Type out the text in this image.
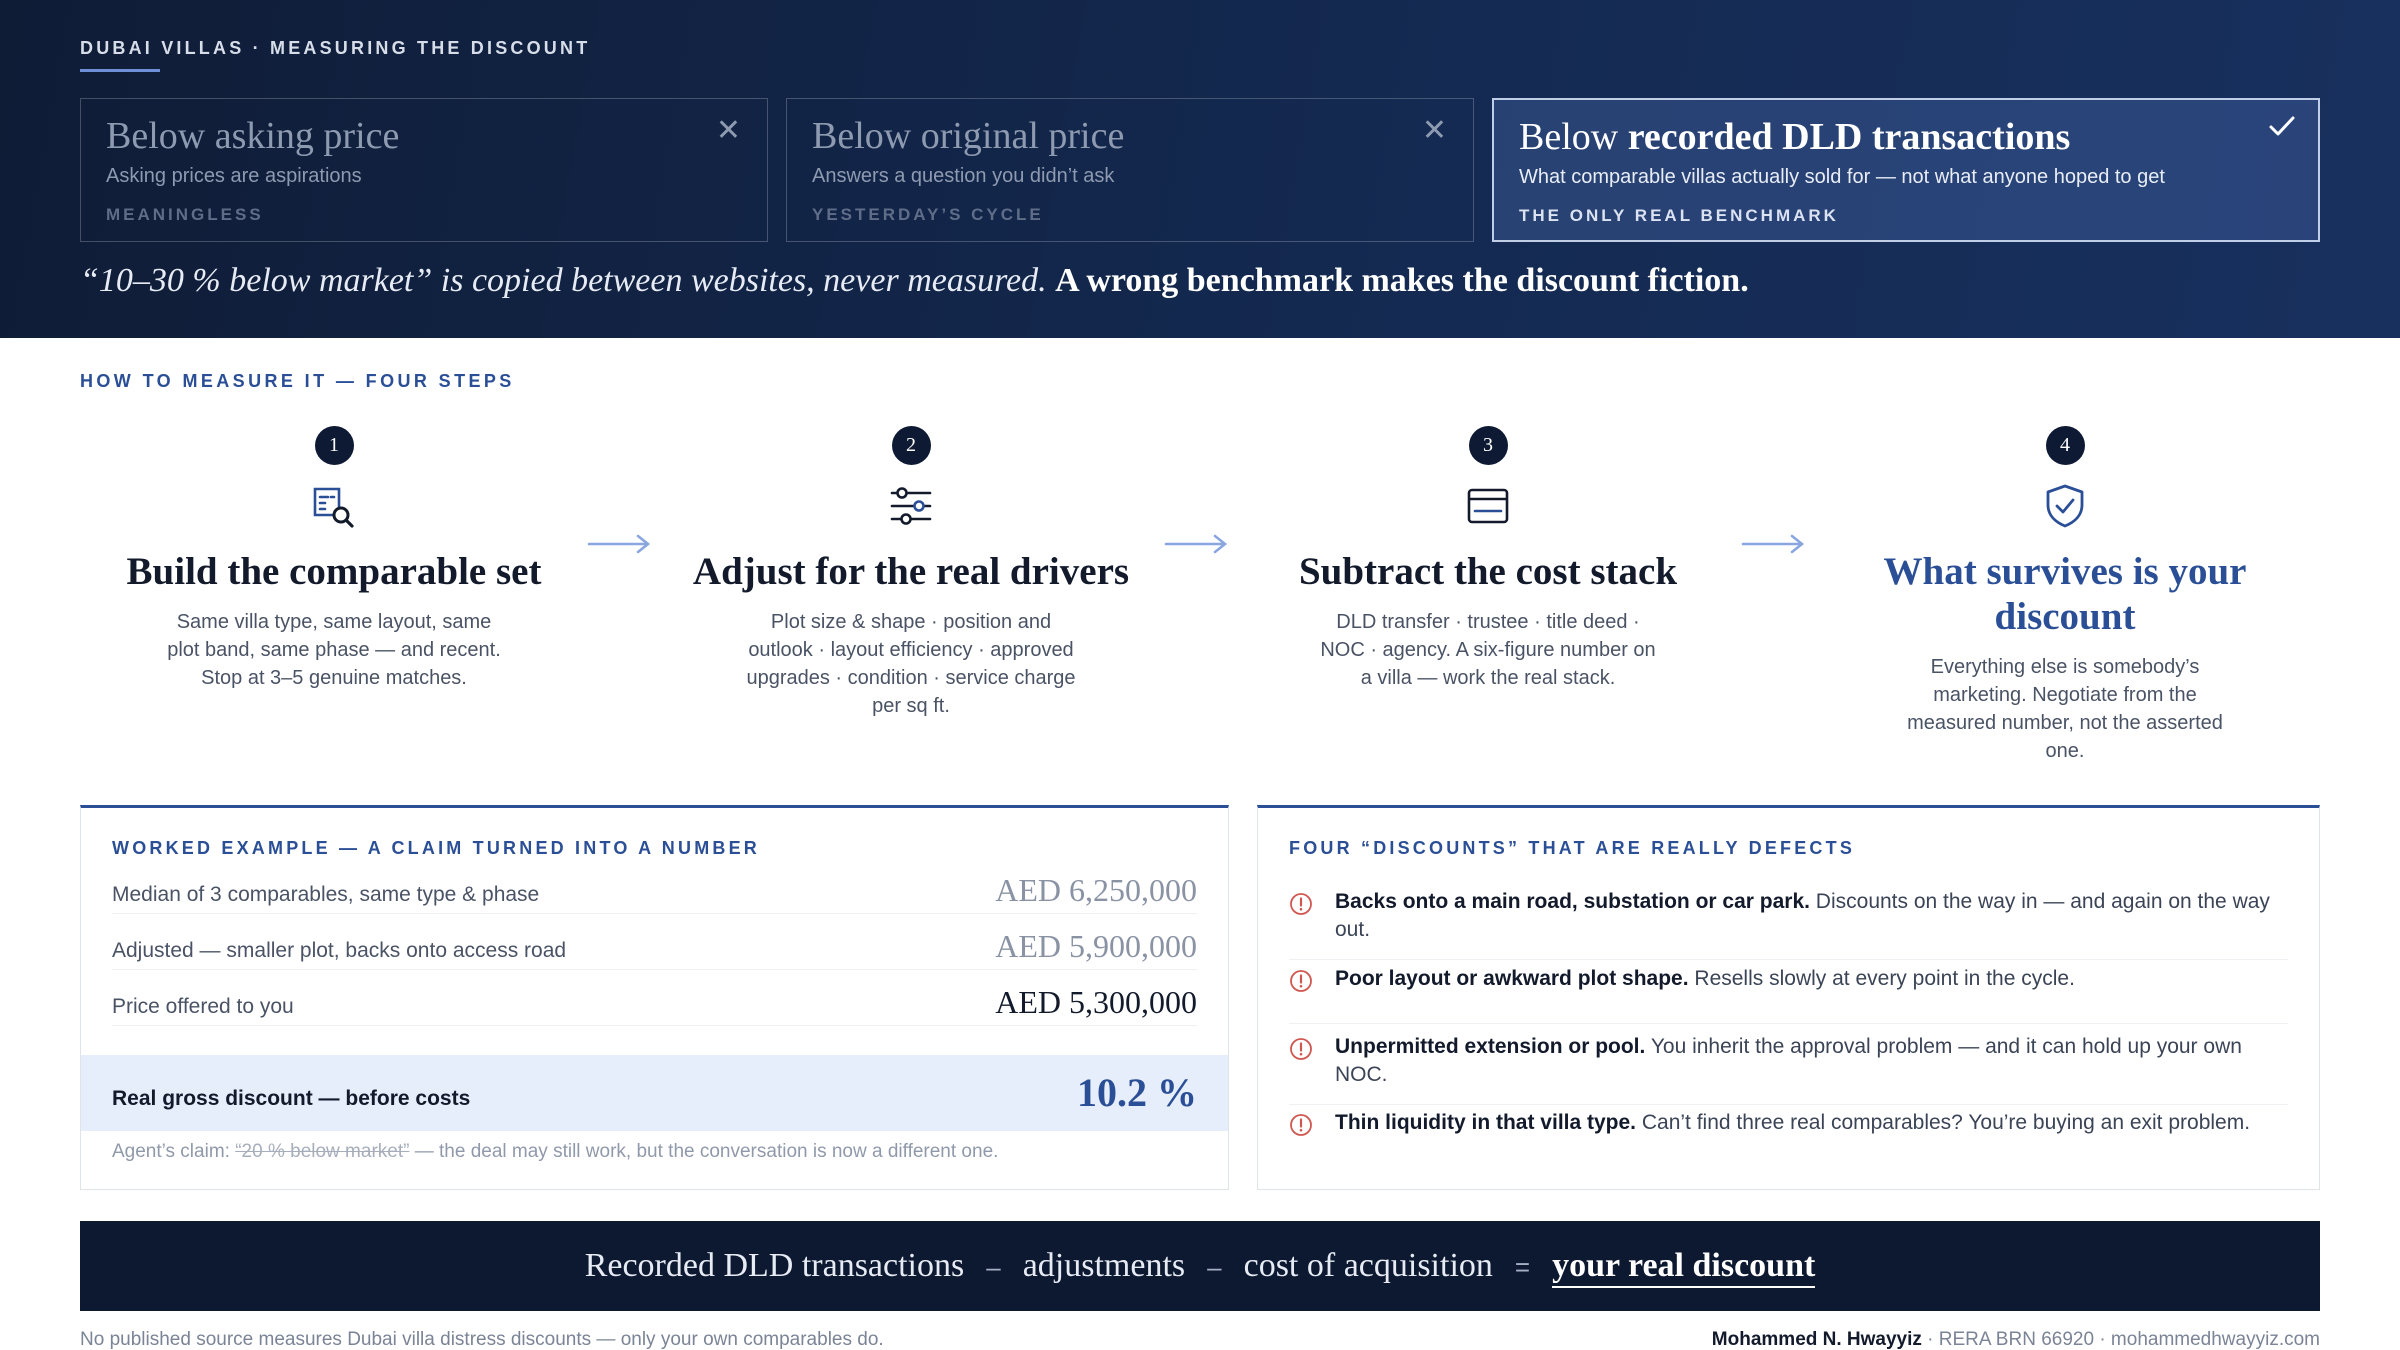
DUBAI VILLAS · MEASURING THE DISCOUNT
Below asking price
Asking prices are aspirations
MEANINGLESS
✕ Below original price
Answers a question you didn’t ask
YESTERDAY’S CYCLE
✕ Below recorded DLD transactions
What comparable villas actually sold for — not what anyone hoped to get
THE ONLY REAL BENCHMARK
“10–30 % below market” is copied between websites, never measured. A wrong benchmark makes the discount fiction.
HOW TO MEASURE IT — FOUR STEPS
1
Build the comparable set
Same villa type, same layout, same plot band, same phase — and recent. Stop at 3–5 genuine matches.
2
Adjust for the real drivers
Plot size & shape · position and outlook · layout efficiency · approved upgrades · condition · service charge per sq ft.
3
Subtract the cost stack
DLD transfer · trustee · title deed · NOC · agency. A six-figure number on a villa — work the real stack.
4
What survives is your discount
Everything else is somebody’s marketing. Negotiate from the measured number, not the asserted one.
WORKED EXAMPLE — A CLAIM TURNED INTO A NUMBER
Median of 3 comparables, same type & phase	AED 6,250,000
Adjusted — smaller plot, backs onto access road	AED 5,900,000
Price offered to you	AED 5,300,000
Real gross discount — before costs	10.2 %
Agent’s claim: “20 % below market” — the deal may still work, but the conversation is now a different one.
FOUR “DISCOUNTS” THAT ARE REALLY DEFECTS
Backs onto a main road, substation or car park. Discounts on the way in — and again on the way out.
Poor layout or awkward plot shape. Resells slowly at every point in the cycle.
Unpermitted extension or pool. You inherit the approval problem — and it can hold up your own NOC.
Thin liquidity in that villa type. Can’t find three real comparables? You’re buying an exit problem.
Recorded DLD transactions – adjustments – cost of acquisition = your real discount
No published source measures Dubai villa distress discounts — only your own comparables do.	Mohammed N. Hwayyiz · RERA BRN 66920 · mohammedhwayyiz.com
